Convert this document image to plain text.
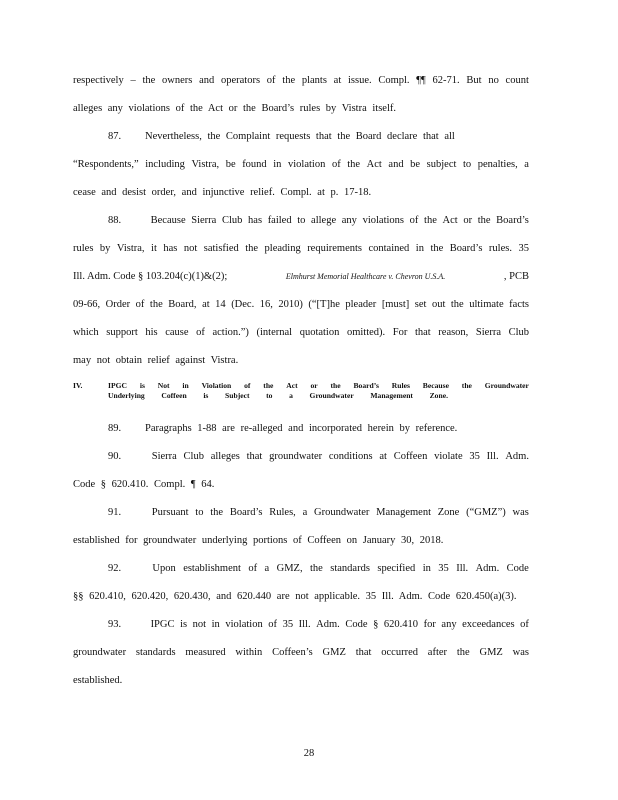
respectively – the owners and operators of the plants at issue. Compl. ¶¶ 62-71. But no count
alleges any violations of the Act or the Board’s rules by Vistra itself.
87.	Nevertheless, the Complaint requests that the Board declare that all
“Respondents,” including Vistra, be found in violation of the Act and be subject to penalties, a
cease and desist order, and injunctive relief. Compl. at p. 17-18.
88.	Because Sierra Club has failed to allege any violations of the Act or the Board’s
rules by Vistra, it has not satisfied the pleading requirements contained in the Board’s rules. 35
Ill. Adm. Code § 103.204(c)(1)&(2);	Elmhurst Memorial Healthcare v. Chevron U.S.A.	, PCB
09-66, Order of the Board, at 14 (Dec. 16, 2010) (“[T]he pleader [must] set out the ultimate facts
which support his cause of action.”) (internal quotation omitted). For that reason, Sierra Club
may not obtain relief against Vistra.
89.	Paragraphs 1-88 are re-alleged and incorporated herein by reference.
90.	Sierra Club alleges that groundwater conditions at Coffeen violate 35 Ill. Adm.
Code § 620.410. Compl. ¶ 64.
91.	Pursuant to the Board’s Rules, a Groundwater Management Zone (“GMZ”) was
established for groundwater underlying portions of Coffeen on January 30, 2018.
92.	Upon establishment of a GMZ, the standards specified in 35 Ill. Adm. Code
§§ 620.410, 620.420, 620.430, and 620.440 are not applicable. 35 Ill. Adm. Code 620.450(a)(3).
93.	IPGC is not in violation of 35 Ill. Adm. Code § 620.410 for any exceedances of
groundwater standards measured within Coffeen’s GMZ that occurred after the GMZ was
established.
IV.	IPGC is Not in Violation of the Act or the Board’s Rules Because the Groundwater
Underlying Coffeen is Subject to a Groundwater Management Zone.
28
